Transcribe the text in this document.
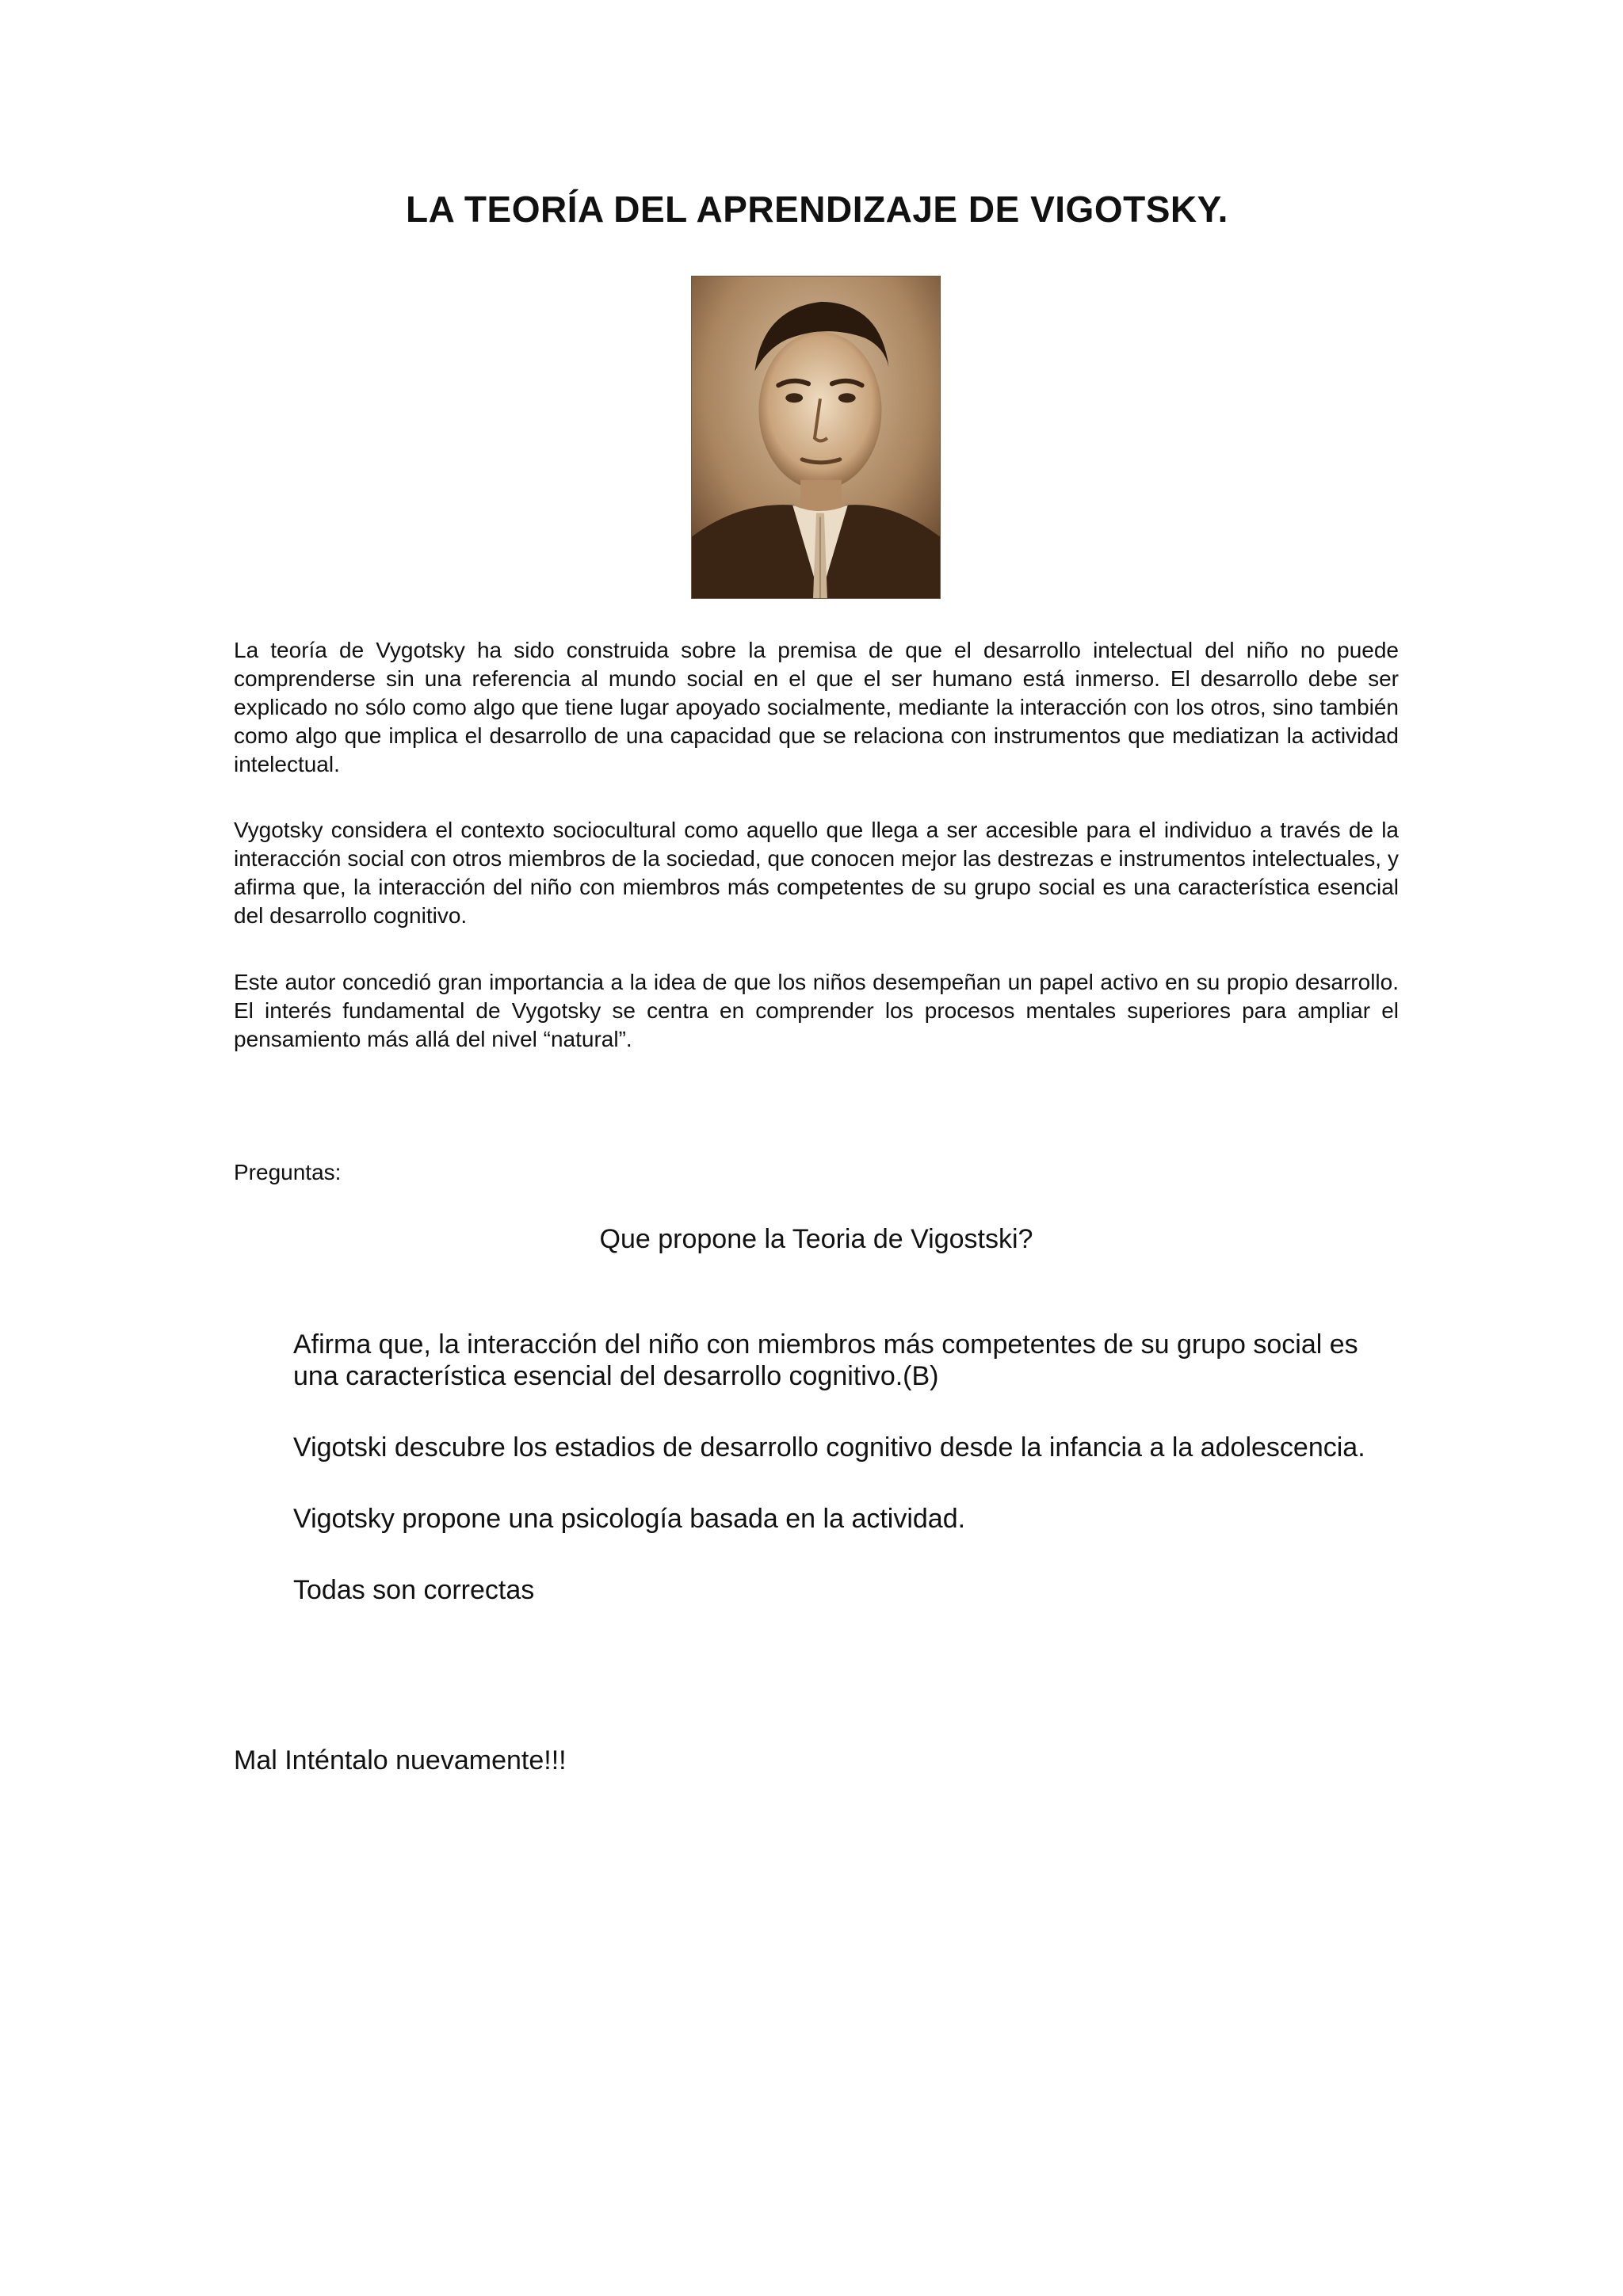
LA TEORÍA DEL APRENDIZAJE DE VIGOTSKY.

La teoría de Vygotsky ha sido construida sobre la premisa de que el desarrollo intelectual del niño no puede comprenderse sin una referencia al mundo social en el que el ser humano está inmerso. El desarrollo debe ser explicado no sólo como algo que tiene lugar apoyado socialmente, mediante la interacción con los otros, sino también como algo que implica el desarrollo de una capacidad que se relaciona con instrumentos que mediatizan la actividad intelectual.

Vygotsky considera el contexto sociocultural como aquello que llega a ser accesible para el individuo a través de la interacción social con otros miembros de la sociedad, que conocen mejor las destrezas e instrumentos intelectuales, y afirma que, la interacción del niño con miembros más competentes de su grupo social es una característica esencial del desarrollo cognitivo.

Este autor concedió gran importancia a la idea de que los niños desempeñan un papel activo en su propio desarrollo. El interés fundamental de Vygotsky se centra en comprender los procesos mentales superiores para ampliar el pensamiento más allá del nivel “natural”.

Preguntas:

Que propone la Teoria de Vigostski?

Afirma que, la interacción del niño con miembros más competentes de su grupo social es una característica esencial del desarrollo cognitivo.(B)
Vigotski descubre los estadios de desarrollo cognitivo desde la infancia a la adolescencia.
Vigotsky propone una psicología basada en la actividad.
Todas son correctas

Mal Inténtalo nuevamente!!!
